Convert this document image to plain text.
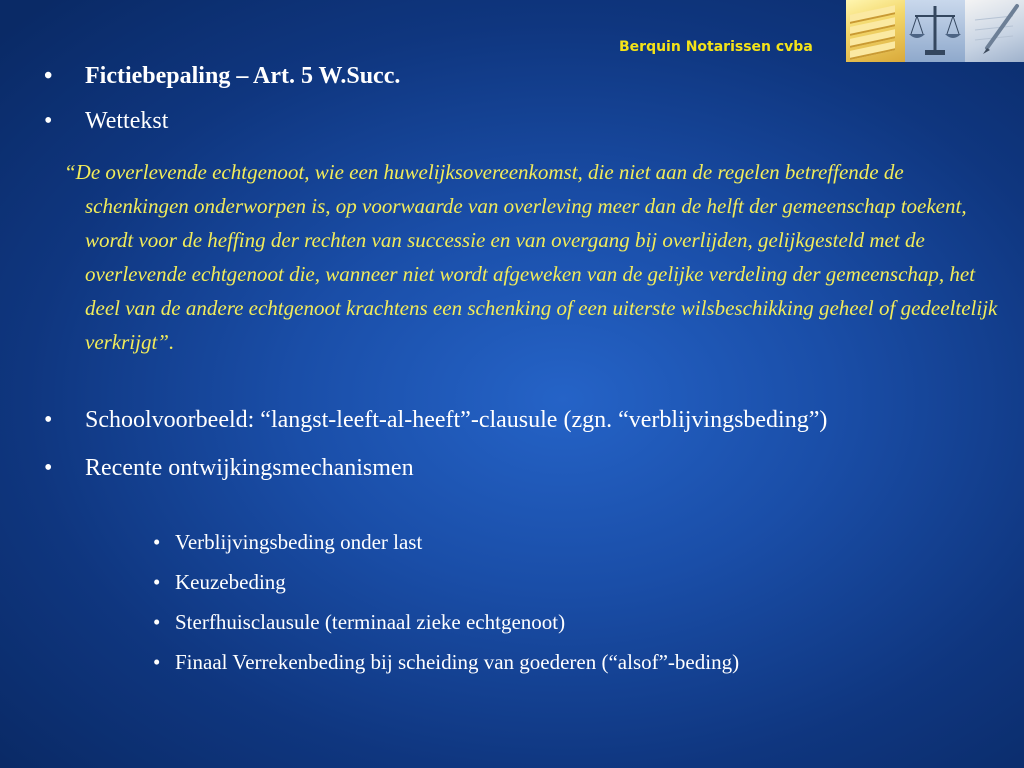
Berquin Notarissen cvba
• Fictiebepaling – Art. 5 W.Succ.
• Wettekst
“De overlevende echtgenoot, wie een huwelijksovereenkomst, die niet aan de regelen betreffende de schenkingen onderworpen is, op voorwaarde van overleving meer dan de helft der gemeenschap toekent, wordt voor de heffing der rechten van successie en van overgang bij overlijden, gelijkgesteld met de overlevende echtgenoot die, wanneer niet wordt afgeweken van de gelijke verdeling der gemeenschap, het deel van de andere echtgenoot krachtens een schenking of een uiterste wilsbeschikking geheel of gedeeltelijk verkrijgt”.
• Schoolvoorbeeld: “langst-leeft-al-heeft”-clausule (zgn. “verblijvingsbeding”)
• Recente ontwijkingsmechanismen
• Verblijvingsbeding onder last
• Keuzebeding
• Sterfhuisclausule (terminaal zieke echtgenoot)
• Finaal Verrekenbeding bij scheiding van goederen (“alsof”-beding)
